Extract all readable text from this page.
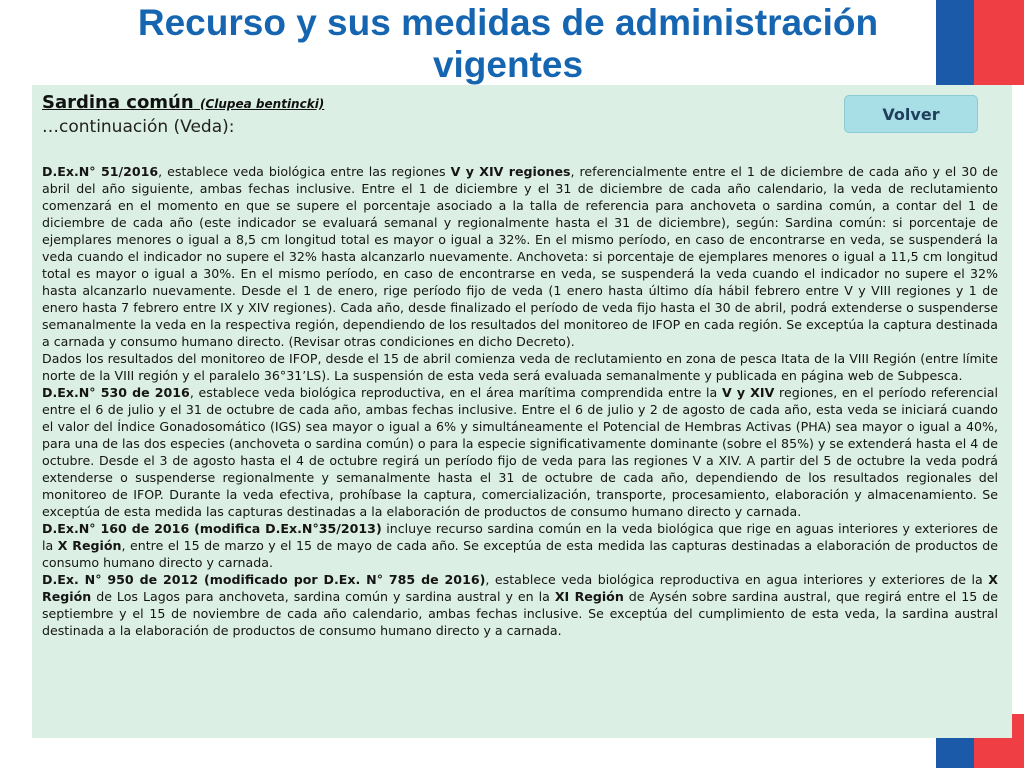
Recurso y sus medidas de administración vigentes
Sardina común (Clupea bentincki)
…continuación (Veda):
Volver

D.Ex.N° 51/2016, establece veda biológica entre las regiones V y XIV regiones, referencialmente entre el 1 de diciembre de cada año y el 30 de abril del año siguiente, ambas fechas inclusive. Entre el 1 de diciembre y el 31 de diciembre de cada año calendario, la veda de reclutamiento comenzará en el momento en que se supere el porcentaje asociado a la talla de referencia para anchoveta o sardina común, a contar del 1 de diciembre de cada año (este indicador se evaluará semanal y regionalmente hasta el 31 de diciembre), según: Sardina común: si porcentaje de ejemplares menores o igual a 8,5 cm longitud total es mayor o igual a 32%. En el mismo período, en caso de encontrarse en veda, se suspenderá la veda cuando el indicador no supere el 32% hasta alcanzarlo nuevamente. Anchoveta: si porcentaje de ejemplares menores o igual a 11,5 cm longitud total es mayor o igual a 30%. En el mismo período, en caso de encontrarse en veda, se suspenderá la veda cuando el indicador no supere el 32% hasta alcanzarlo nuevamente. Desde el 1 de enero, rige período fijo de veda (1 enero hasta último día hábil febrero entre V y VIII regiones y 1 de enero hasta 7 febrero entre IX y XIV regiones). Cada año, desde finalizado el período de veda fijo hasta el 30 de abril, podrá extenderse o suspenderse semanalmente la veda en la respectiva región, dependiendo de los resultados del monitoreo de IFOP en cada región. Se exceptúa la captura destinada a carnada y consumo humano directo. (Revisar otras condiciones en dicho Decreto).

Dados los resultados del monitoreo de IFOP, desde el 15 de abril comienza veda de reclutamiento en zona de pesca Itata de la VIII Región (entre límite norte de la VIII región y el paralelo 36°31’LS). La suspensión de esta veda será evaluada semanalmente y publicada en página web de Subpesca.

D.Ex.N° 530 de 2016, establece veda biológica reproductiva, en el área marítima comprendida entre la V y XIV regiones, en el período referencial entre el 6 de julio y el 31 de octubre de cada año, ambas fechas inclusive. Entre el 6 de julio y 2 de agosto de cada año, esta veda se iniciará cuando el valor del Índice Gonadosomático (IGS) sea mayor o igual a 6% y simultáneamente el Potencial de Hembras Activas (PHA) sea mayor o igual a 40%, para una de las dos especies (anchoveta o sardina común) o para la especie significativamente dominante (sobre el 85%) y se extenderá hasta el 4 de octubre. Desde el 3 de agosto hasta el 4 de octubre regirá un período fijo de veda para las regiones V a XIV. A partir del 5 de octubre la veda podrá extenderse o suspenderse regionalmente y semanalmente hasta el 31 de octubre de cada año, dependiendo de los resultados regionales del monitoreo de IFOP. Durante la veda efectiva, prohíbase la captura, comercialización, transporte, procesamiento, elaboración y almacenamiento. Se exceptúa de esta medida las capturas destinadas a la elaboración de productos de consumo humano directo y carnada.

D.Ex.N° 160 de 2016 (modifica D.Ex.N°35/2013) incluye recurso sardina común en la veda biológica que rige en aguas interiores y exteriores de la X Región, entre el 15 de marzo y el 15 de mayo de cada año. Se exceptúa de esta medida las capturas destinadas a elaboración de productos de consumo humano directo y carnada.

D.Ex. N° 950 de 2012 (modificado por D.Ex. N° 785 de 2016), establece veda biológica reproductiva en agua interiores y exteriores de la X Región de Los Lagos para anchoveta, sardina común y sardina austral y en la XI Región de Aysén sobre sardina austral, que regirá entre el 15 de septiembre y el 15 de noviembre de cada año calendario, ambas fechas inclusive. Se exceptúa del cumplimiento de esta veda, la sardina austral destinada a la elaboración de productos de consumo humano directo y a carnada.
